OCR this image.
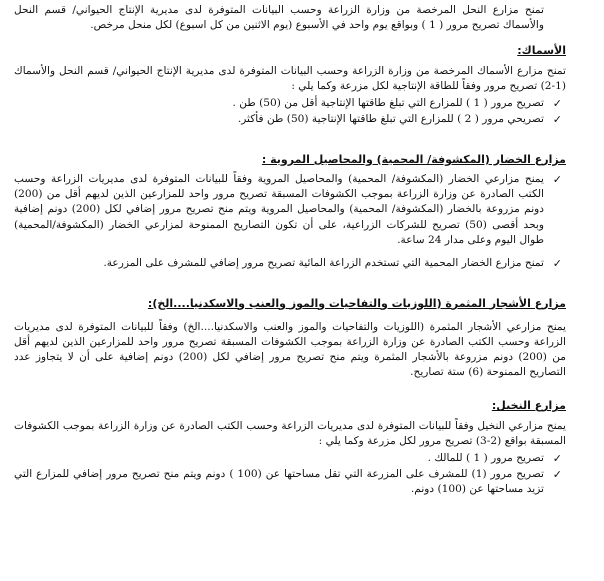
تمنح مزارع النحل المرخصة من وزارة الزراعة وحسب البيانات المتوفرة لدى مديرية الإنتاج الحيواني/ قسم النحل والأسماك تصريح مرور ( 1 ) وبواقع يوم واحد في الأسبوع (يوم الاثنين من كل اسبوع) لكل منحل مرخص.

الأسماك:

تمنح مزارع الأسماك المرخصة من وزارة الزراعة وحسب البيانات المتوفرة لدى مديرية الإنتاج الحيواني/ قسم النحل والأسماك (1-2) تصريح مرور وفقاً للطاقة الإنتاجية لكل مزرعة وكما يلي :

✓
تصريح مرور ( 1 ) للمزارع التي تبلغ طاقتها الإنتاجية أقل من (50) طن .
✓
تصريحي مرور ( 2 ) للمزارع التي تبلغ طاقتها الإنتاجية (50) طن فأكثر.

مزارع الخضار (المكشوفة/ المحمية) والمحاصيل المروية :

✓
يمنح مزارعي الخضار (المكشوفة/ المحمية) والمحاصيل المروية وفقاً للبيانات المتوفرة لدى مديريات الزراعة وحسب الكتب الصادرة عن وزارة الزراعة بموجب الكشوفات المسبقة تصريح مرور واحد للمزارعين الذين لديهم أقل من (200) دونم مزروعة بالخضار (المكشوفة/ المحمية) والمحاصيل المروية ويتم منح تصريح مرور إضافي لكل (200) دونم إضافية وبحد أقصى (50) تصريح للشركات الزراعية، على أن تكون التصاريح الممنوحة لمزارعي الخضار (المكشوفة/المحمية) طوال اليوم وعلى مدار 24 ساعة.
✓
تمنح مزارع الخضار المحمية التي تستخدم الزراعة المائية تصريح مرور إضافي للمشرف على المزرعة.

مزارع الأشجار المثمرة (اللوزيات والتفاحيات والموز والعنب والاسكدنيا....الخ):

يمنح مزارعي الأشجار المثمرة (اللوزيات والتفاحيات والموز والعنب والاسكدنيا....الخ) وفقاً للبيانات المتوفرة لدى مديريات الزراعة وحسب الكتب الصادرة عن وزارة الزراعة بموجب الكشوفات المسبقة تصريح مرور واحد للمزارعين الذين لديهم أقل من (200) دونم مزروعة بالأشجار المثمرة ويتم منح تصريح مرور إضافي لكل (200) دونم إضافية على أن لا يتجاوز عدد التصاريح الممنوحة (6) ستة تصاريح.

مزارع النخيل:

يمنح مزارعي النخيل وفقاً للبيانات المتوفرة لدى مديريات الزراعة وحسب الكتب الصادرة عن وزارة الزراعة بموجب الكشوفات المسبقة بواقع (2-3) تصريح مرور لكل مزرعة وكما يلي :

✓
تصريح مرور ( 1 ) للمالك .
✓
تصريح مرور (1) للمشرف على المزرعة التي تقل مساحتها عن (100 ) دونم ويتم منح تصريح مرور إضافي للمزارع التي تزيد مساحتها عن (100) دونم.
